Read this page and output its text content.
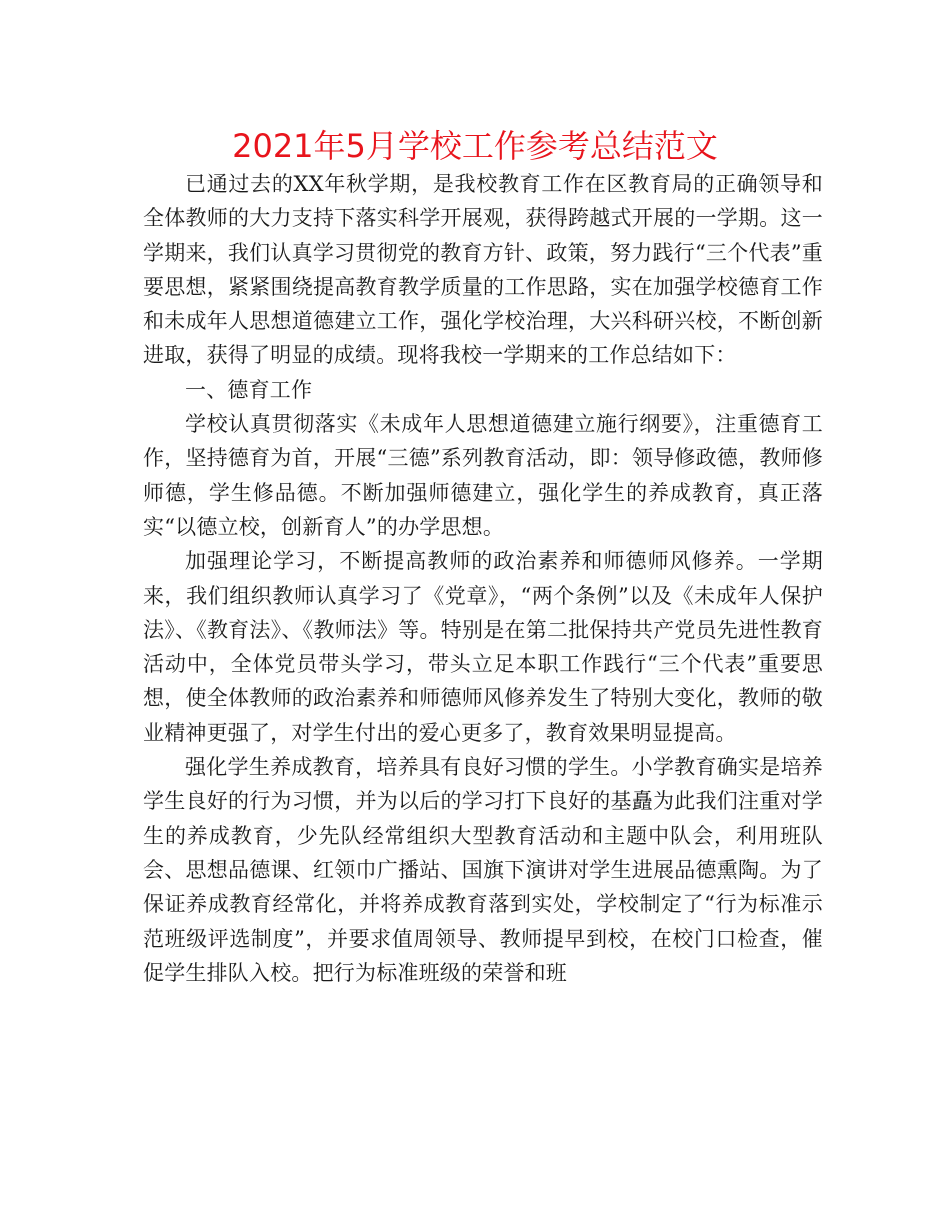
2021年5月学校工作参考总结范文

已通过去的XX年秋学期，是我校教育工作在区教育局的正确领导和全体教师的大力支持下落实科学开展观，获得跨越式开展的一学期。这一学期来，我们认真学习贯彻党的教育方针、政策，努力践行“三个代表”重要思想，紧紧围绕提高教育教学质量的工作思路，实在加强学校德育工作和未成年人思想道德建立工作，强化学校治理，大兴科研兴校，不断创新进取，获得了明显的成绩。现将我校一学期来的工作总结如下：

一、德育工作

学校认真贯彻落实《未成年人思想道德建立施行纲要》，注重德育工作，坚持德育为首，开展“三德”系列教育活动，即：领导修政德，教师修师德，学生修品德。不断加强师德建立，强化学生的养成教育，真正落实“以德立校，创新育人”的办学思想。

加强理论学习，不断提高教师的政治素养和师德师风修养。一学期来，我们组织教师认真学习了《党章》，“两个条例”以及《未成年人保护法》、《教育法》、《教师法》等。特别是在第二批保持共产党员先进性教育活动中，全体党员带头学习，带头立足本职工作践行“三个代表”重要思想，使全体教师的政治素养和师德师风修养发生了特别大变化，教师的敬业精神更强了，对学生付出的爱心更多了，教育效果明显提高。

强化学生养成教育，培养具有良好习惯的学生。小学教育确实是培养学生良好的行为习惯，并为以后的学习打下良好的基矗为此我们注重对学生的养成教育，少先队经常组织大型教育活动和主题中队会，利用班队会、思想品德课、红领巾广播站、国旗下演讲对学生进展品德熏陶。为了保证养成教育经常化，并将养成教育落到实处，学校制定了“行为标准示范班级评选制度”，并要求值周领导、教师提早到校，在校门口检查，催促学生排队入校。把行为标准班级的荣誉和班
